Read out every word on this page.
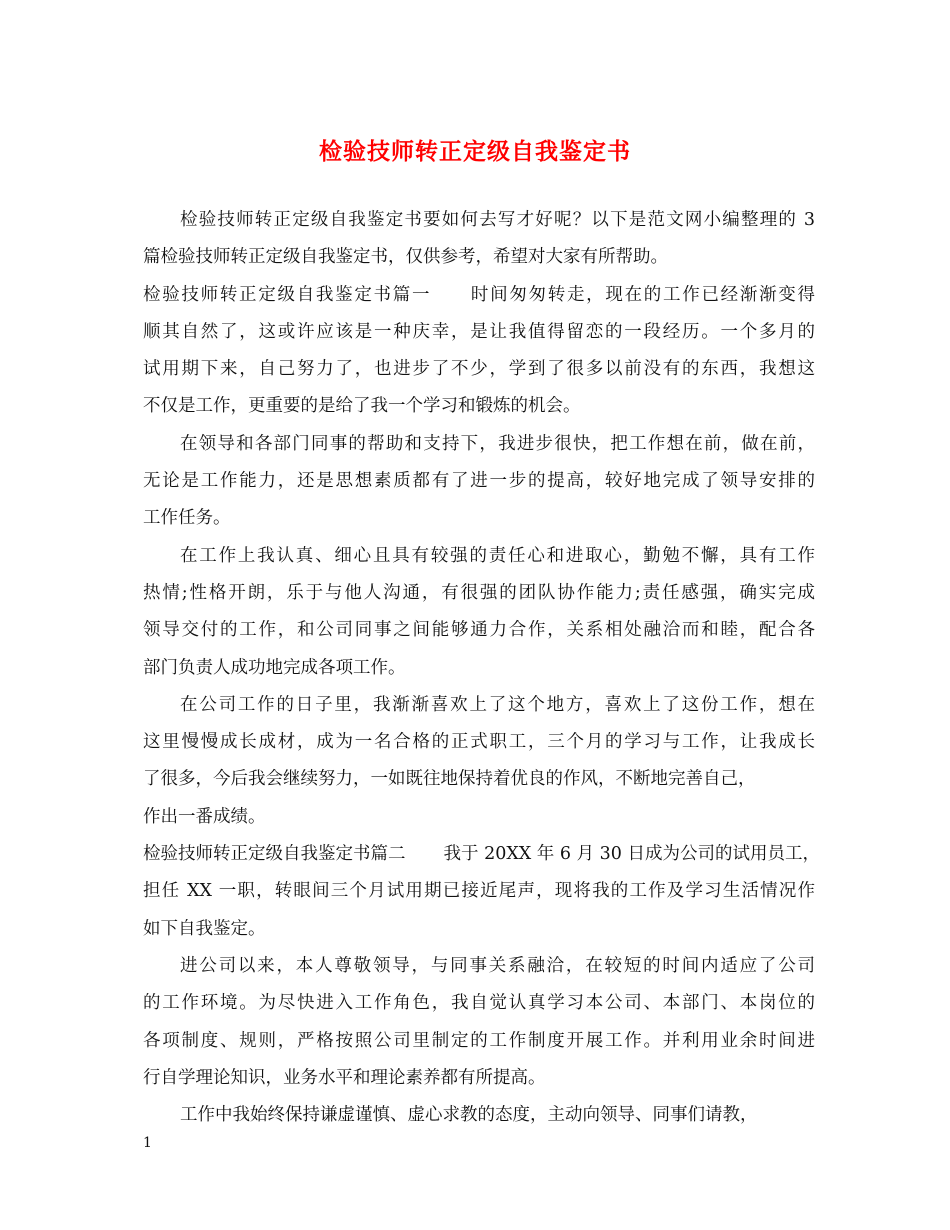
检验技师转正定级自我鉴定书
检验技师转正定级自我鉴定书要如何去写才好呢？以下是范文网小编整理的 3
篇检验技师转正定级自我鉴定书，仅供参考，希望对大家有所帮助。
检验技师转正定级自我鉴定书篇一 时间匆匆转走，现在的工作已经渐渐变得
顺其自然了，这或许应该是一种庆幸，是让我值得留恋的一段经历。一个多月的
试用期下来，自己努力了，也进步了不少，学到了很多以前没有的东西，我想这
不仅是工作，更重要的是给了我一个学习和锻炼的机会。
在领导和各部门同事的帮助和支持下，我进步很快，把工作想在前，做在前，
无论是工作能力，还是思想素质都有了进一步的提高，较好地完成了领导安排的
工作任务。
在工作上我认真、细心且具有较强的责任心和进取心，勤勉不懈，具有工作
热情;性格开朗，乐于与他人沟通，有很强的团队协作能力;责任感强，确实完成
领导交付的工作，和公司同事之间能够通力合作，关系相处融洽而和睦，配合各
部门负责人成功地完成各项工作。
在公司工作的日子里，我渐渐喜欢上了这个地方，喜欢上了这份工作，想在
这里慢慢成长成材，成为一名合格的正式职工，三个月的学习与工作，让我成长
了很多，今后我会继续努力，一如既往地保持着优良的作风，不断地完善自己，
作出一番成绩。
检验技师转正定级自我鉴定书篇二 我于 20XX 年 6 月 30 日成为公司的试用员工，
担任 XX 一职，转眼间三个月试用期已接近尾声，现将我的工作及学习生活情况作
如下自我鉴定。
进公司以来，本人尊敬领导，与同事关系融洽，在较短的时间内适应了公司
的工作环境。为尽快进入工作角色，我自觉认真学习本公司、本部门、本岗位的
各项制度、规则，严格按照公司里制定的工作制度开展工作。并利用业余时间进
行自学理论知识，业务水平和理论素养都有所提高。
工作中我始终保持谦虚谨慎、虚心求教的态度，主动向领导、同事们请教，
1
